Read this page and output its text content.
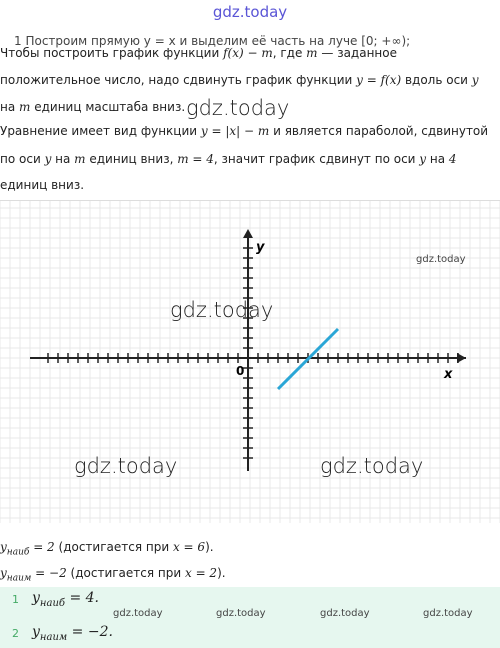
gdz.today
1 Построим прямую y = x и выделим её часть на луче [0; +∞);
Чтобы построить график функции f(x) − m, где m — заданное
положительное число, надо сдвинуть график функции y = f(x) вдоль оси y
на m единиц масштаба вниз. gdz.today
Уравнение имеет вид функции y = |x| − m и является параболой, сдвинутой
по оси y на m единиц вниз, m = 4, значит график сдвинут по оси y на 4
единиц вниз.
y
x
0
gdz.today
gdz.today
gdz.today	gdz.today
$y_{наиб} = 2$ (достигается при x = 6).
$y_{наим} = -2$ (достигается при x = 2).
1 $y_{наиб} = 4$.
2 $y_{наим} = -2$.
gdz.today	gdz.today	gdz.today	gdz.today
